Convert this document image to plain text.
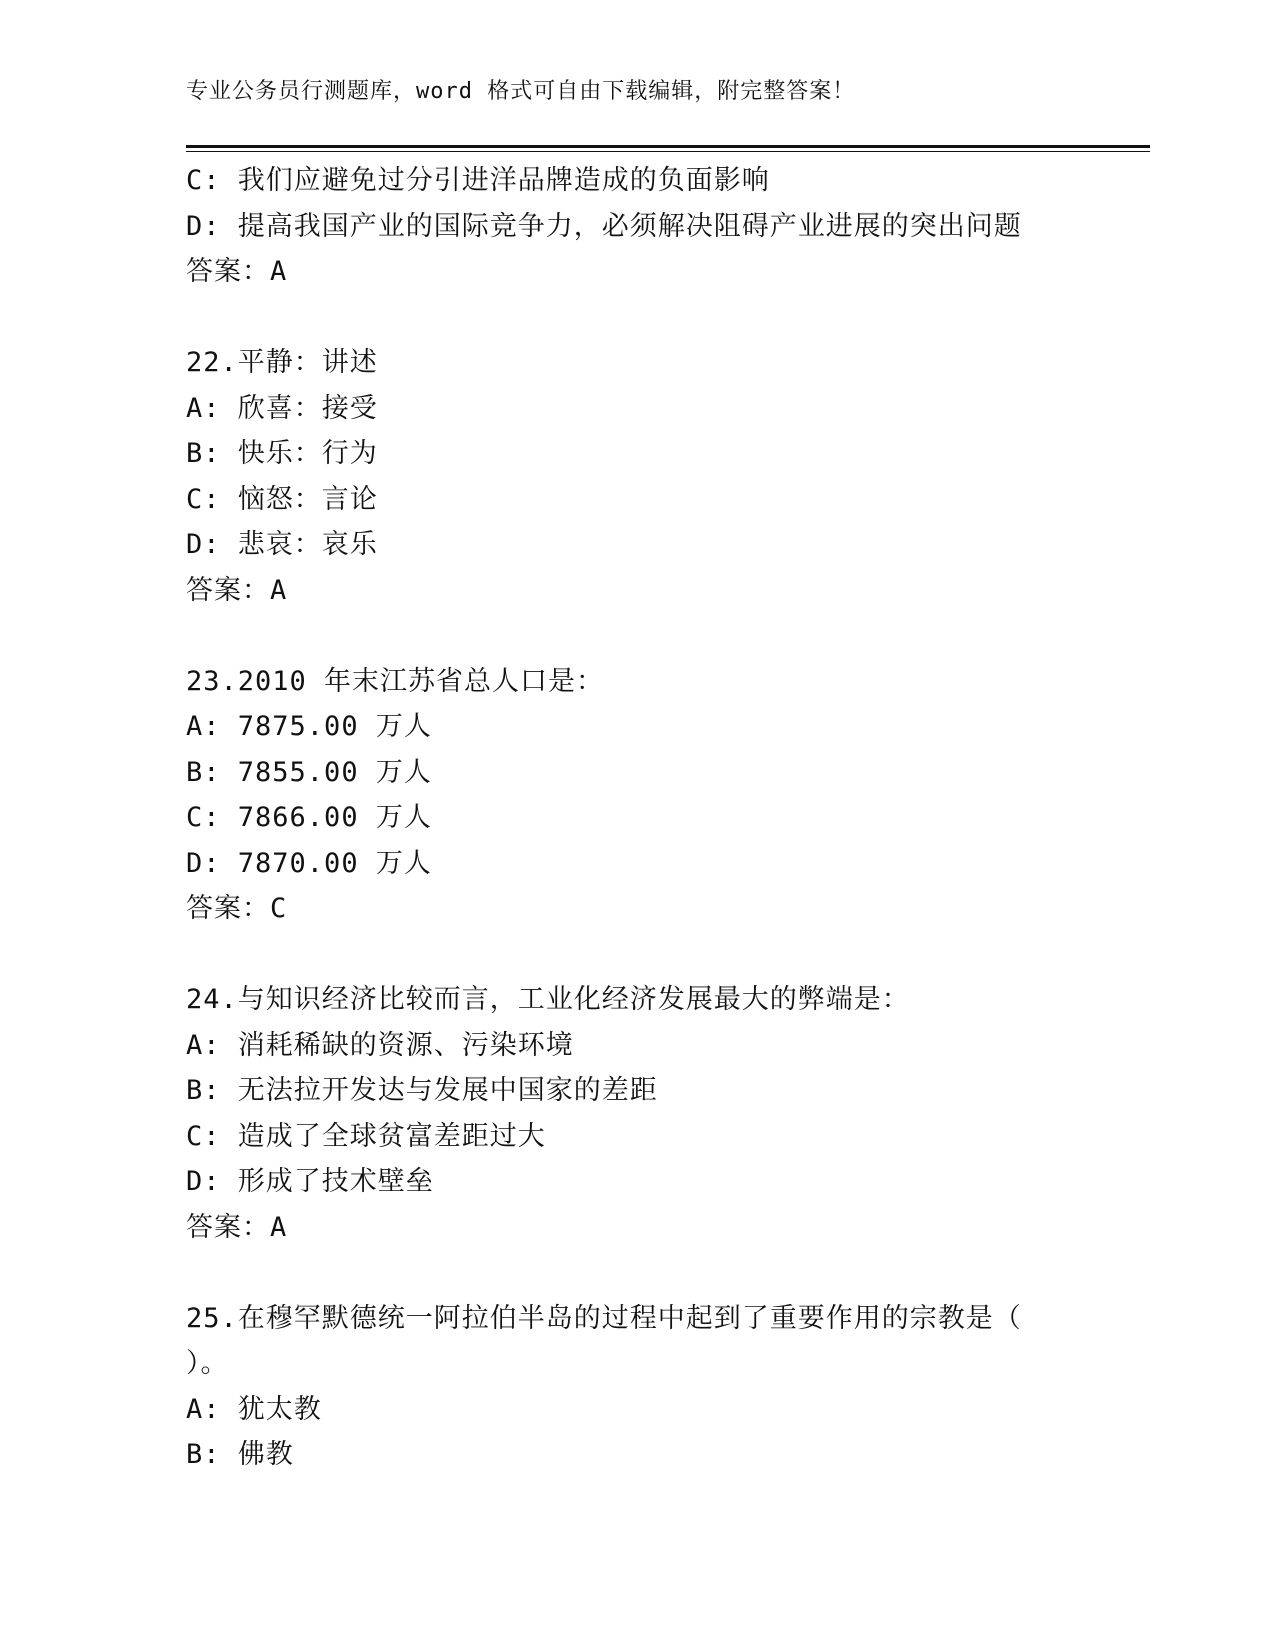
专业公务员行测题库，word 格式可自由下载编辑，附完整答案！
C: 我们应避免过分引进洋品牌造成的负面影响
D: 提高我国产业的国际竞争力，必须解决阻碍产业进展的突出问题
答案：A
22.平静：讲述
A: 欣喜：接受
B: 快乐：行为
C: 恼怒：言论
D: 悲哀：哀乐
答案：A
23.2010 年末江苏省总人口是：
A: 7875.00 万人
B: 7855.00 万人
C: 7866.00 万人
D: 7870.00 万人
答案：C
24.与知识经济比较而言，工业化经济发展最大的弊端是：
A: 消耗稀缺的资源、污染环境
B: 无法拉开发达与发展中国家的差距
C: 造成了全球贫富差距过大
D: 形成了技术壁垒
答案：A
25.在穆罕默德统一阿拉伯半岛的过程中起到了重要作用的宗教是（
）。
A: 犹太教
B: 佛教
